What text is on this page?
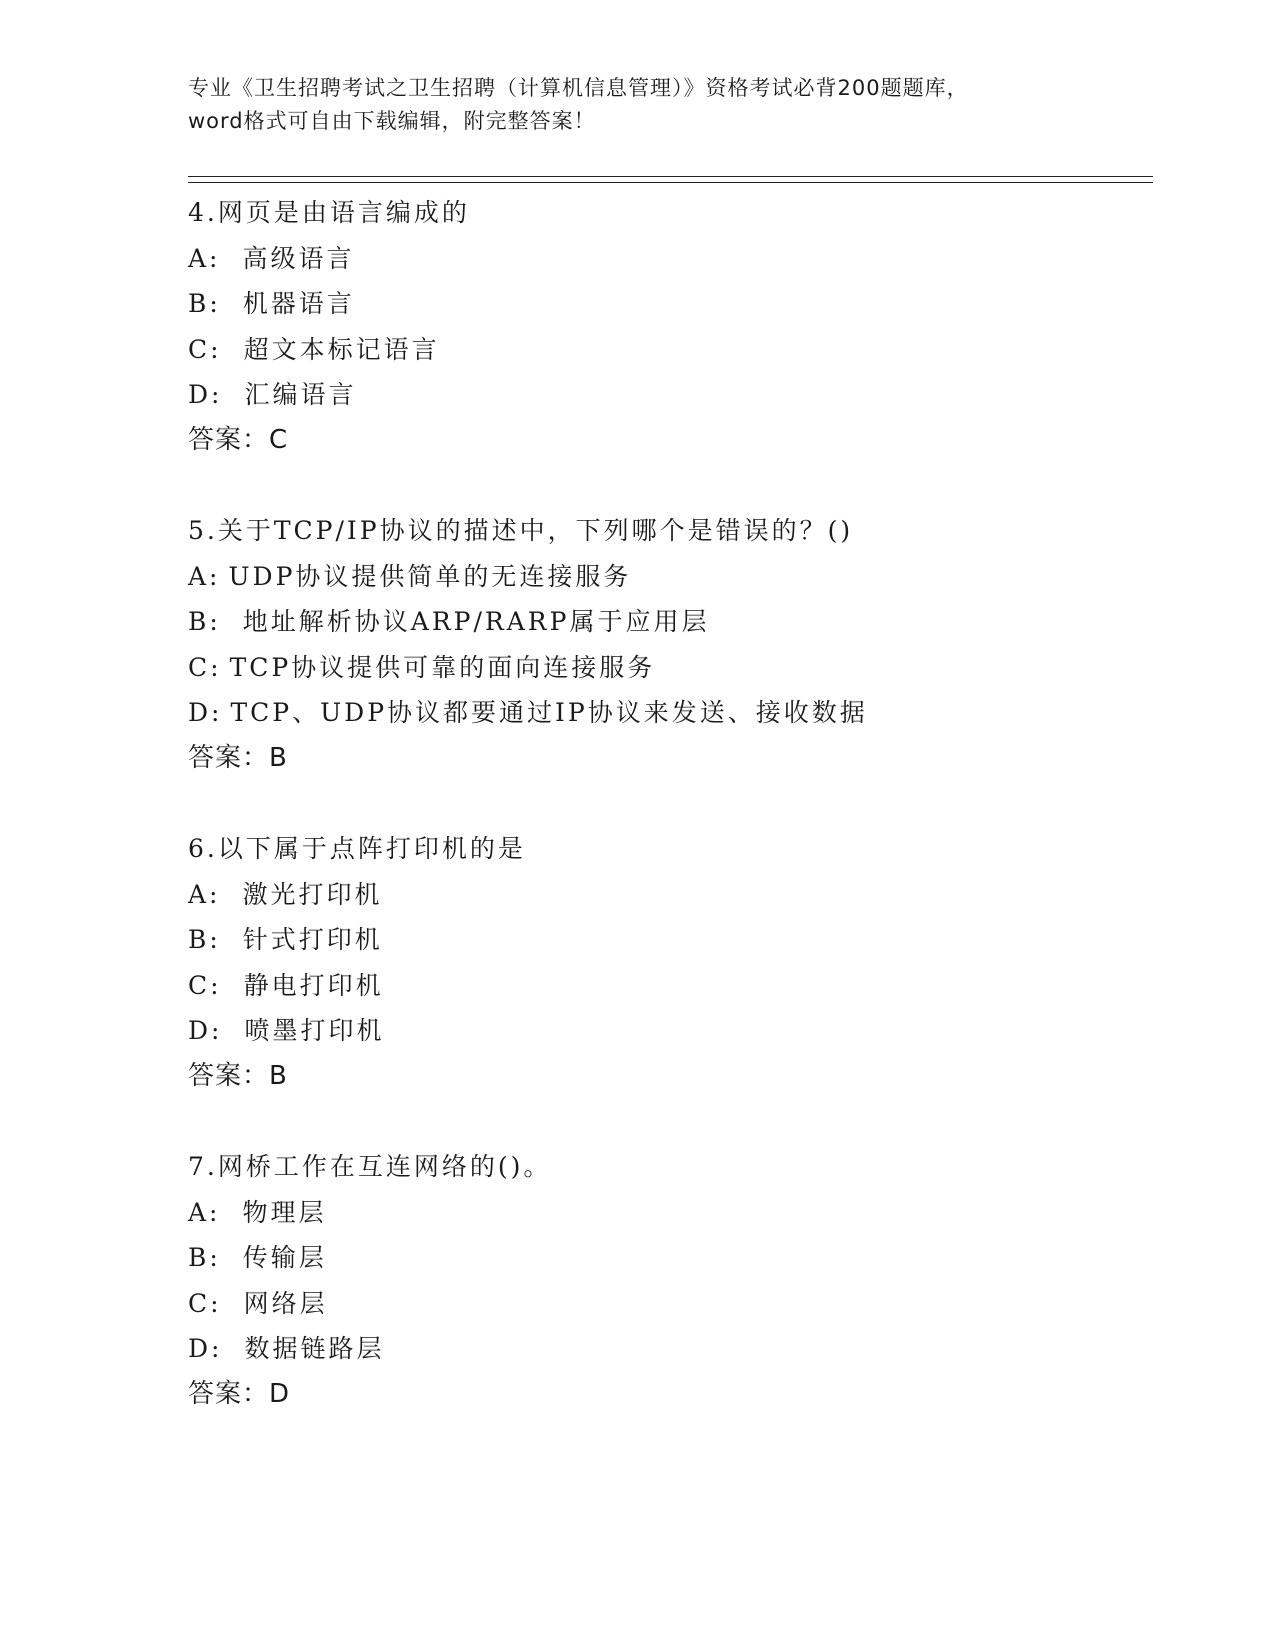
专业《卫生招聘考试之卫生招聘（计算机信息管理）》资格考试必背200题题库，
word格式可自由下载编辑，附完整答案！
4.网页是由语言编成的
A: 高级语言
B: 机器语言
C: 超文本标记语言
D: 汇编语言
答案：C
5.关于TCP/IP协议的描述中，下列哪个是错误的？()
A: UDP协议提供简单的无连接服务
B: 地址解析协议ARP/RARP属于应用层
C: TCP协议提供可靠的面向连接服务
D: TCP、UDP协议都要通过IP协议来发送、接收数据
答案：B
6.以下属于点阵打印机的是
A: 激光打印机
B: 针式打印机
C: 静电打印机
D: 喷墨打印机
答案：B
7.网桥工作在互连网络的()。
A: 物理层
B: 传输层
C: 网络层
D: 数据链路层
答案：D
